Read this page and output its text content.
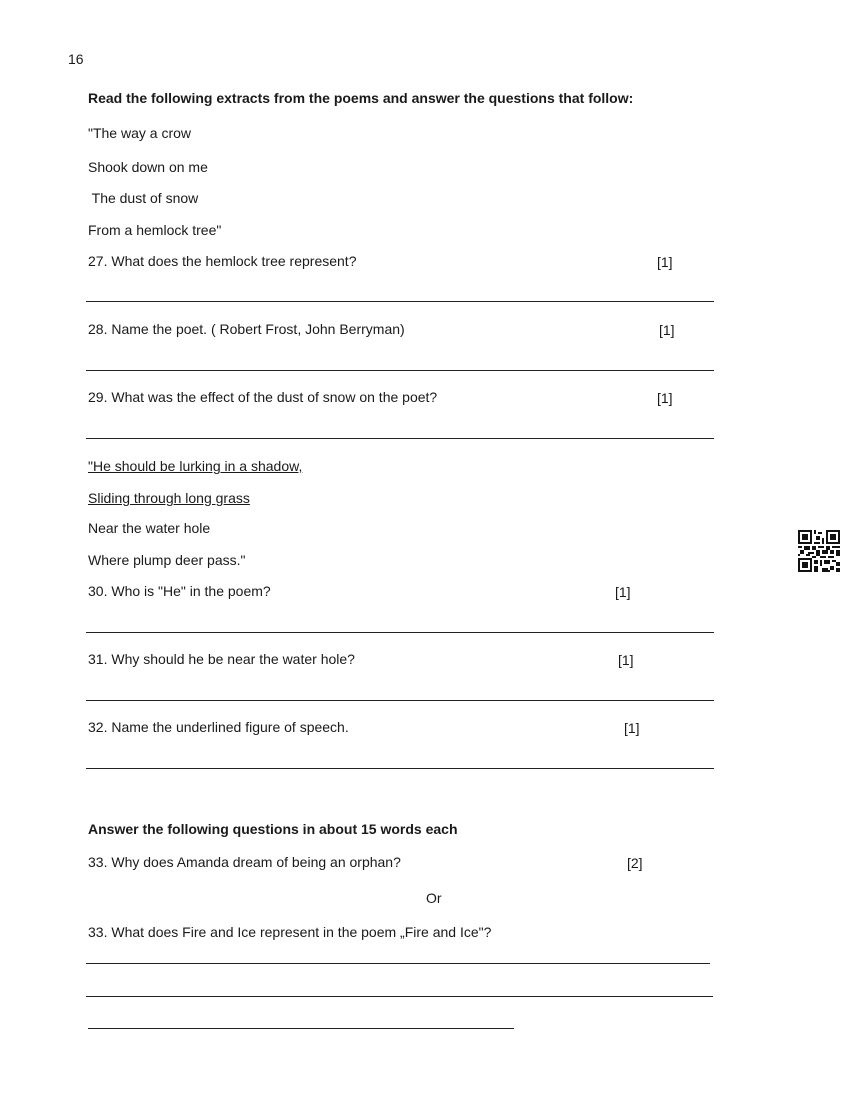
16
Read the following extracts from the poems and answer the questions that follow:
"The way a crow
Shook down on me
The dust of snow
From a hemlock tree"
27. What does the hemlock tree represent?	[1]
28. Name the poet. ( Robert Frost, John Berryman)	[1]
29. What was the effect of the dust of snow on the poet?	[1]
"He should be lurking in a shadow,
Sliding through long grass
Near the water hole
Where plump deer pass."
30. Who is "He" in the poem?	[1]
31. Why should he be near the water hole?	[1]
32. Name the underlined figure of speech.	[1]
Answer the following questions in about 15 words each
33. Why does Amanda dream of being an orphan?	[2]
Or
33. What does Fire and Ice represent in the poem „Fire and Ice"?
